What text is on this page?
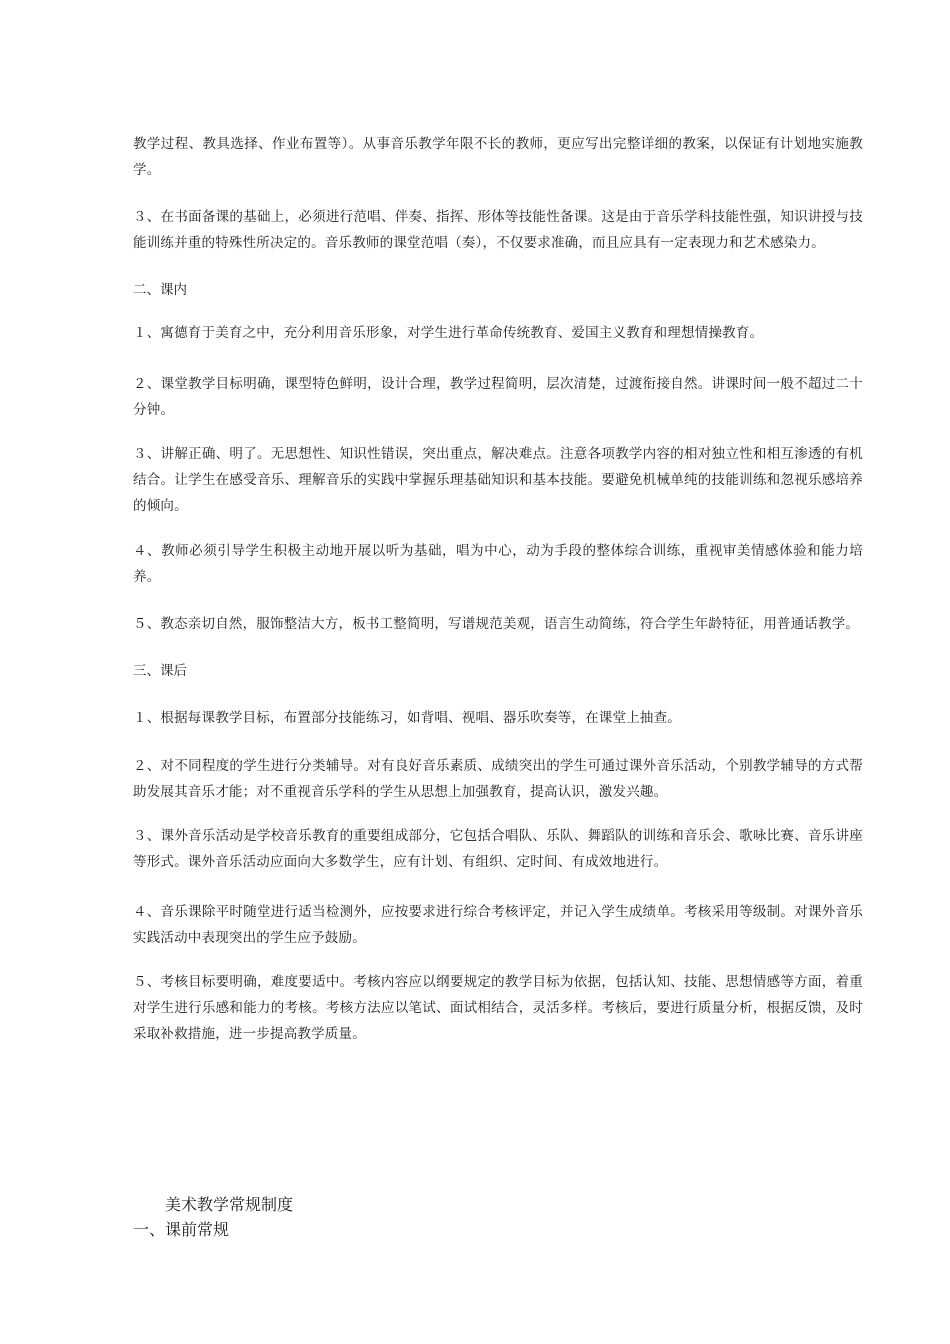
教学过程、教具选择、作业布置等）。从事音乐教学年限不长的教师，更应写出完整详细的教案，以保证有计划地实施教学。

３、在书面备课的基础上，必须进行范唱、伴奏、指挥、形体等技能性备课。这是由于音乐学科技能性强，知识讲授与技能训练并重的特殊性所决定的。音乐教师的课堂范唱（奏），不仅要求准确，而且应具有一定表现力和艺术感染力。

二、课内

１、寓德育于美育之中，充分利用音乐形象，对学生进行革命传统教育、爱国主义教育和理想情操教育。

２、课堂教学目标明确，课型特色鲜明，设计合理，教学过程简明，层次清楚，过渡衔接自然。讲课时间一般不超过二十分钟。

３、讲解正确、明了。无思想性、知识性错误，突出重点，解决难点。注意各项教学内容的相对独立性和相互渗透的有机结合。让学生在感受音乐、理解音乐的实践中掌握乐理基础知识和基本技能。要避免机械单纯的技能训练和忽视乐感培养的倾向。

４、教师必须引导学生积极主动地开展以听为基础，唱为中心，动为手段的整体综合训练，重视审美情感体验和能力培养。

５、教态亲切自然，服饰整洁大方，板书工整简明，写谱规范美观，语言生动简练，符合学生年龄特征，用普通话教学。

三、课后

１、根据每课教学目标，布置部分技能练习，如背唱、视唱、器乐吹奏等，在课堂上抽查。

２、对不同程度的学生进行分类辅导。对有良好音乐素质、成绩突出的学生可通过课外音乐活动，个别教学辅导的方式帮助发展其音乐才能；对不重视音乐学科的学生从思想上加强教育，提高认识，激发兴趣。

３、课外音乐活动是学校音乐教育的重要组成部分，它包括合唱队、乐队、舞蹈队的训练和音乐会、歌咏比赛、音乐讲座等形式。课外音乐活动应面向大多数学生，应有计划、有组织、定时间、有成效地进行。

４、音乐课除平时随堂进行适当检测外，应按要求进行综合考核评定，并记入学生成绩单。考核采用等级制。对课外音乐实践活动中表现突出的学生应予鼓励。

５、考核目标要明确，难度要适中。考核内容应以纲要规定的教学目标为依据，包括认知、技能、思想情感等方面，着重对学生进行乐感和能力的考核。考核方法应以笔试、面试相结合，灵活多样。考核后，要进行质量分析，根据反馈，及时采取补救措施，进一步提高教学质量。

美术教学常规制度

一、课前常规
